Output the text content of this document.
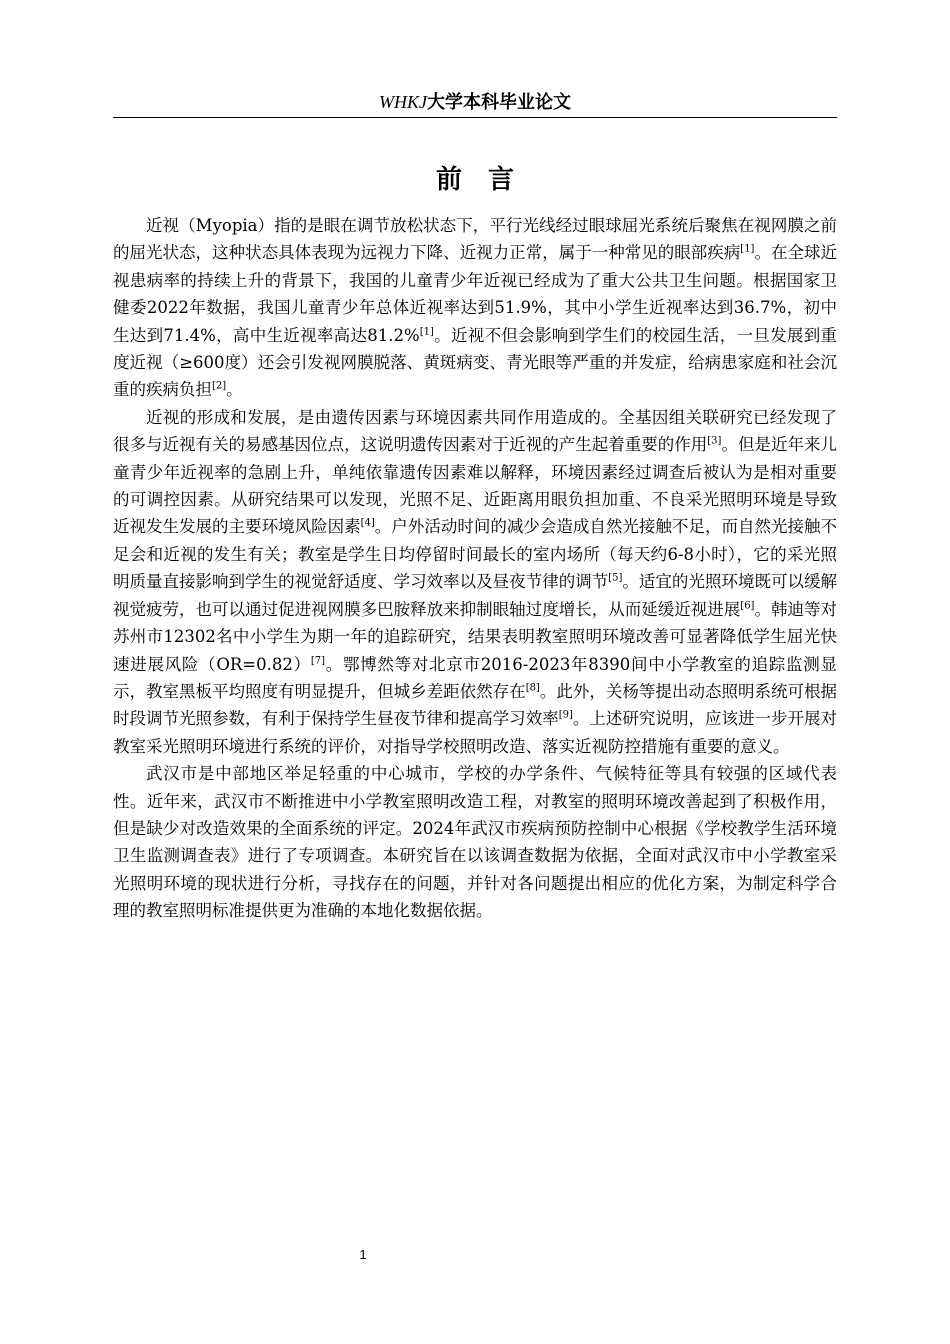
WHKJ大学本科毕业论文
前言

近视（Myopia）指的是眼在调节放松状态下，平行光线经过眼球屈光系统后聚焦在视网膜之前的屈光状态，这种状态具体表现为远视力下降、近视力正常，属于一种常见的眼部疾病[1]。在全球近视患病率的持续上升的背景下，我国的儿童青少年近视已经成为了重大公共卫生问题。根据国家卫健委2022年数据，我国儿童青少年总体近视率达到51.9%，其中小学生近视率达到36.7%，初中生达到71.4%，高中生近视率高达81.2%[1]。近视不但会影响到学生们的校园生活，一旦发展到重度近视（≥600度）还会引发视网膜脱落、黄斑病变、青光眼等严重的并发症，给病患家庭和社会沉重的疾病负担[2]。

近视的形成和发展，是由遗传因素与环境因素共同作用造成的。全基因组关联研究已经发现了很多与近视有关的易感基因位点，这说明遗传因素对于近视的产生起着重要的作用[3]。但是近年来儿童青少年近视率的急剧上升，单纯依靠遗传因素难以解释，环境因素经过调查后被认为是相对重要的可调控因素。从研究结果可以发现，光照不足、近距离用眼负担加重、不良采光照明环境是导致近视发生发展的主要环境风险因素[4]。户外活动时间的减少会造成自然光接触不足，而自然光接触不足会和近视的发生有关；教室是学生日均停留时间最长的室内场所（每天约6-8小时），它的采光照明质量直接影响到学生的视觉舒适度、学习效率以及昼夜节律的调节[5]。适宜的光照环境既可以缓解视觉疲劳，也可以通过促进视网膜多巴胺释放来抑制眼轴过度增长，从而延缓近视进展[6]。韩迪等对苏州市12302名中小学生为期一年的追踪研究，结果表明教室照明环境改善可显著降低学生屈光快速进展风险（OR=0.82）[7]。鄂博然等对北京市2016-2023年8390间中小学教室的追踪监测显示，教室黑板平均照度有明显提升，但城乡差距依然存在[8]。此外，关杨等提出动态照明系统可根据时段调节光照参数，有利于保持学生昼夜节律和提高学习效率[9]。上述研究说明，应该进一步开展对教室采光照明环境进行系统的评价，对指导学校照明改造、落实近视防控措施有重要的意义。

武汉市是中部地区举足轻重的中心城市，学校的办学条件、气候特征等具有较强的区域代表性。近年来，武汉市不断推进中小学教室照明改造工程，对教室的照明环境改善起到了积极作用，但是缺少对改造效果的全面系统的评定。2024年武汉市疾病预防控制中心根据《学校教学生活环境卫生监测调查表》进行了专项调查。本研究旨在以该调查数据为依据，全面对武汉市中小学教室采光照明环境的现状进行分析，寻找存在的问题，并针对各问题提出相应的优化方案，为制定科学合理的教室照明标准提供更为准确的本地化数据依据。

1
